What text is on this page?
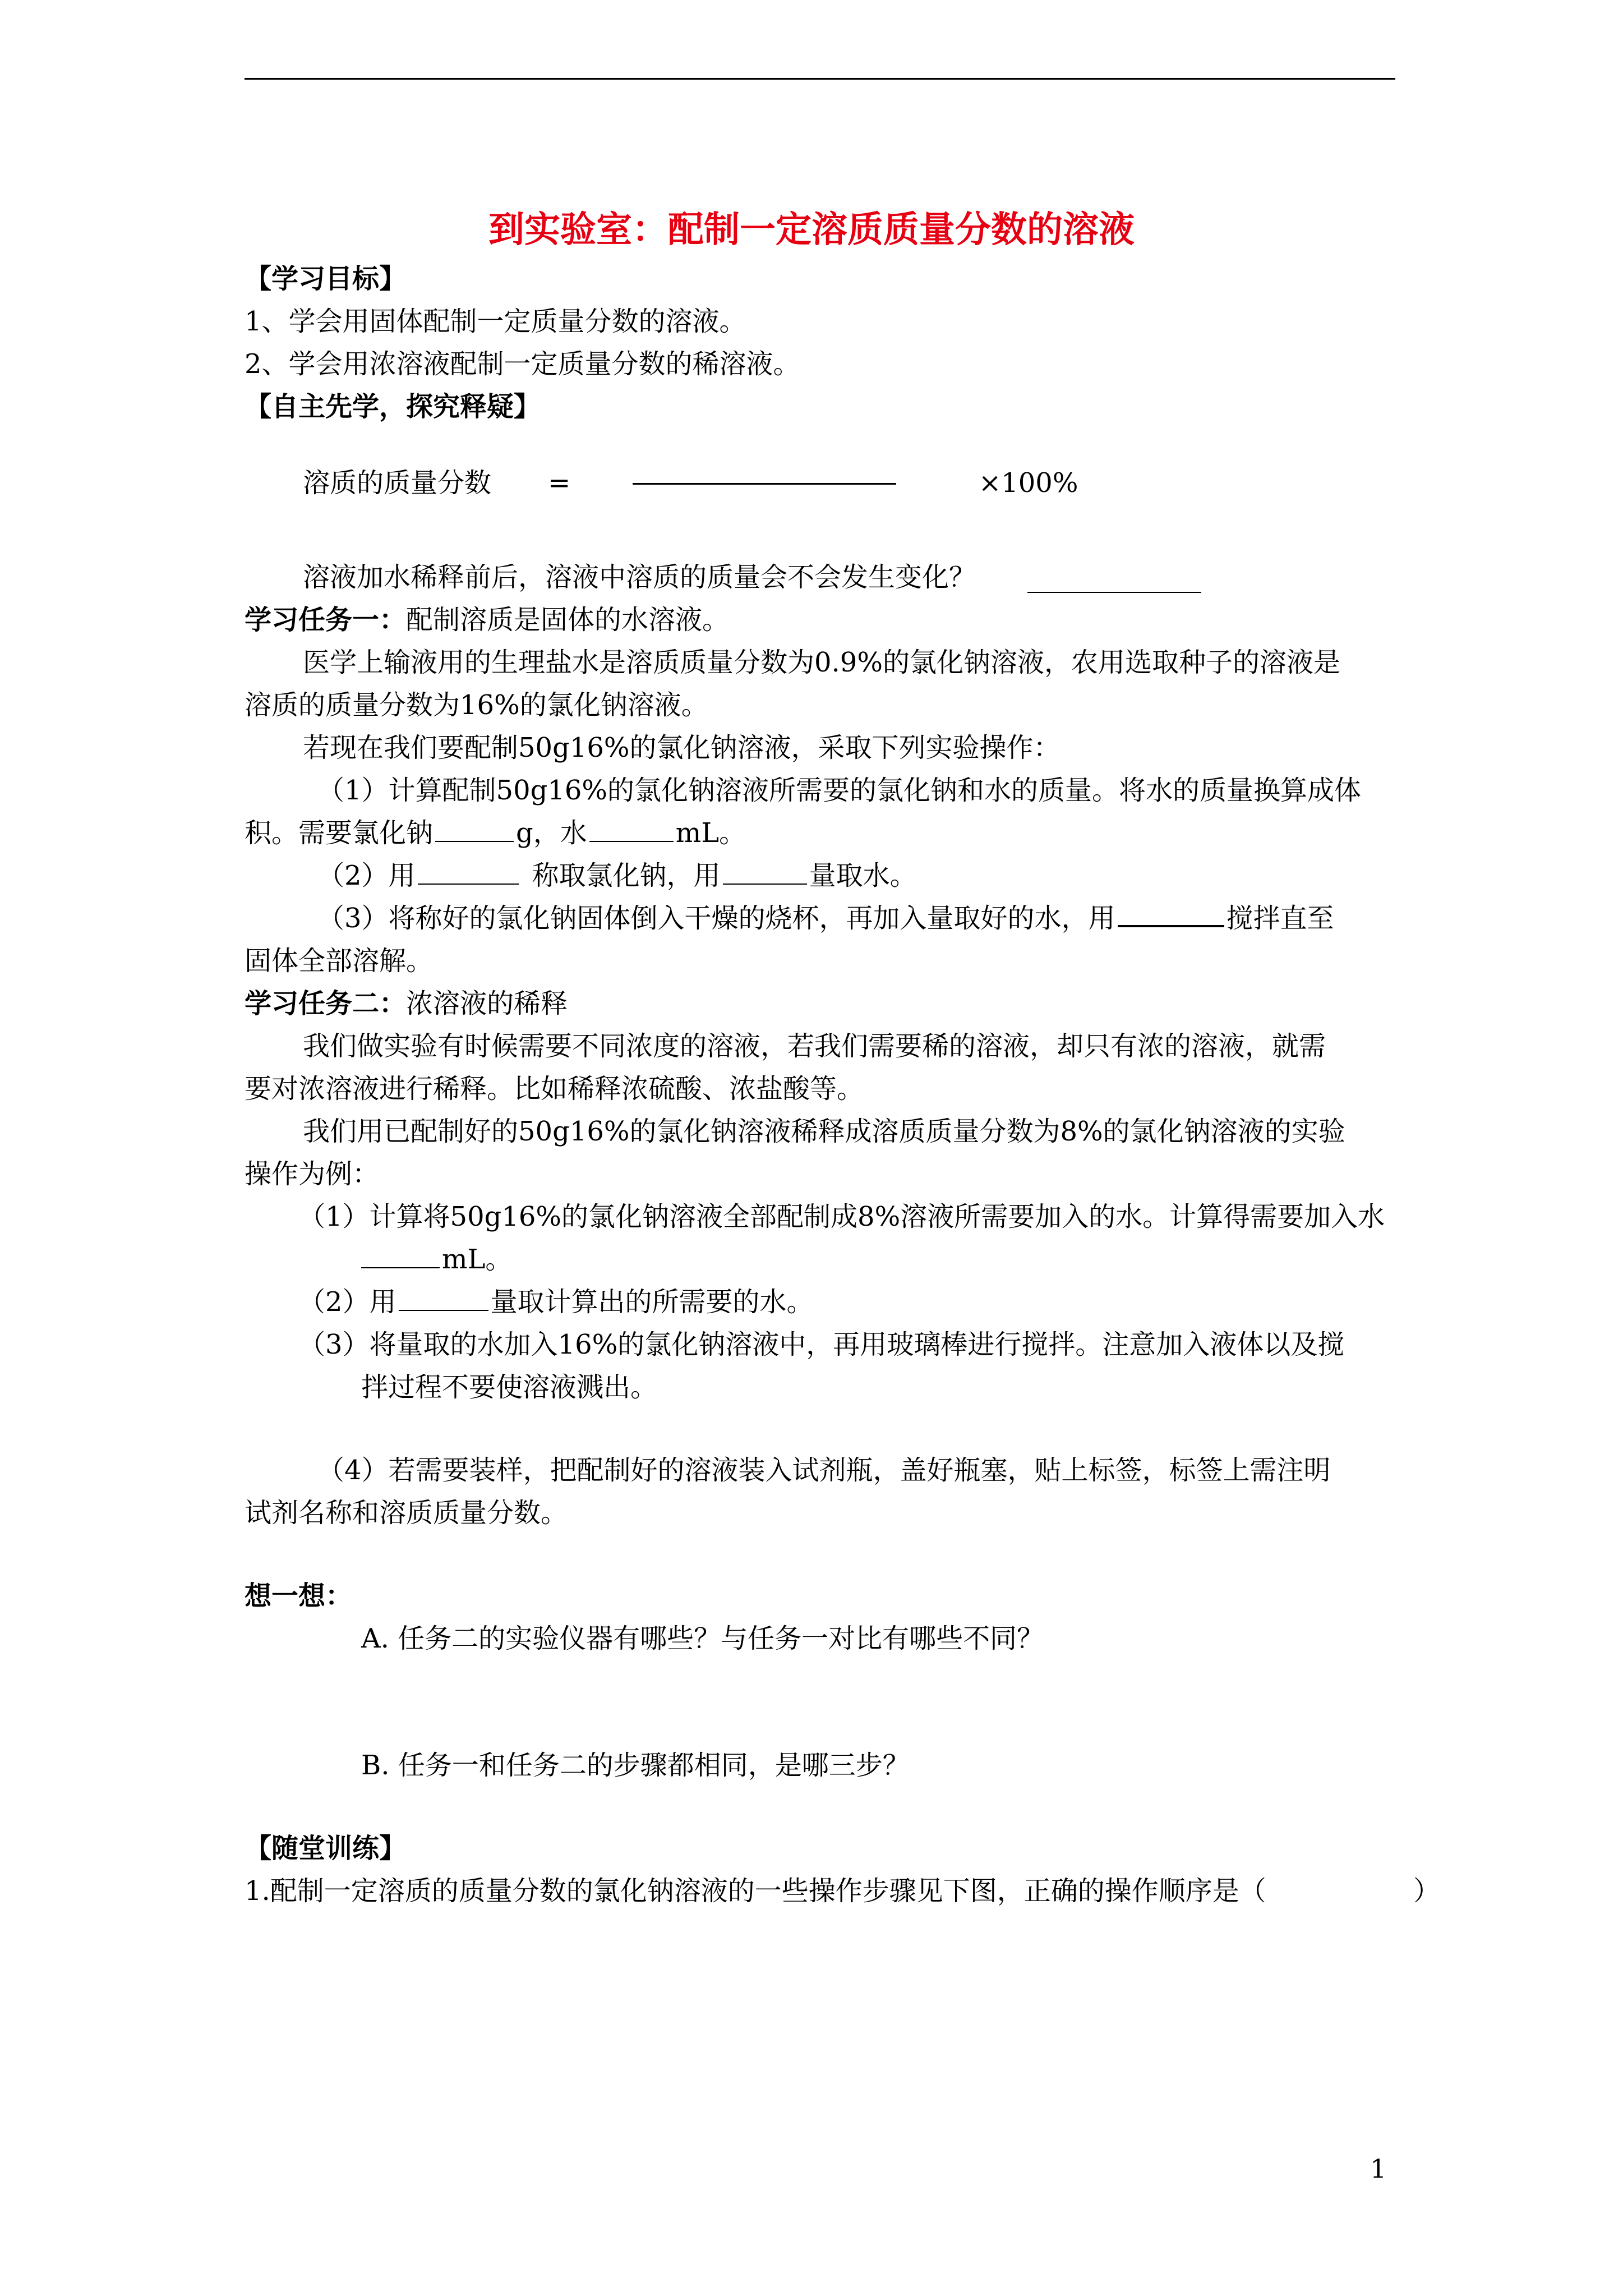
到实验室：配制一定溶质质量分数的溶液
【学习目标】
1、学会用固体配制一定质量分数的溶液。
2、学会用浓溶液配制一定质量分数的稀溶液。
【自主先学，探究释疑】
溶质的质量分数 =	×100%
溶液加水稀释前后，溶液中溶质的质量会不会发生变化？
学习任务一：配制溶质是固体的水溶液。
医学上输液用的生理盐水是溶质质量分数为0.9%的氯化钠溶液，农用选取种子的溶液是
溶质的质量分数为16%的氯化钠溶液。
若现在我们要配制50g16%的氯化钠溶液，采取下列实验操作：
（1）计算配制50g16%的氯化钠溶液所需要的氯化钠和水的质量。将水的质量换算成体
积。需要氯化钠	g，水	mL。
（2）用	称取氯化钠，用	量取水。
（3）将称好的氯化钠固体倒入干燥的烧杯，再加入量取好的水，用	搅拌直至
固体全部溶解。
学习任务二：浓溶液的稀释
我们做实验有时候需要不同浓度的溶液，若我们需要稀的溶液，却只有浓的溶液，就需
要对浓溶液进行稀释。比如稀释浓硫酸、浓盐酸等。
我们用已配制好的50g16%的氯化钠溶液稀释成溶质质量分数为8%的氯化钠溶液的实验
操作为例：
（1）计算将50g16%的氯化钠溶液全部配制成8%溶液所需要加入的水。计算得需要加入水
mL。
（2）用	量取计算出的所需要的水。
（3）将量取的水加入16%的氯化钠溶液中，再用玻璃棒进行搅拌。注意加入液体以及搅
拌过程不要使溶液溅出。
（4）若需要装样，把配制好的溶液装入试剂瓶，盖好瓶塞，贴上标签，标签上需注明
试剂名称和溶质质量分数。
想一想：
A. 任务二的实验仪器有哪些？与任务一对比有哪些不同？
B. 任务一和任务二的步骤都相同，是哪三步？
【随堂训练】
1.配制一定溶质的质量分数的氯化钠溶液的一些操作步骤见下图，正确的操作顺序是（	）
1
